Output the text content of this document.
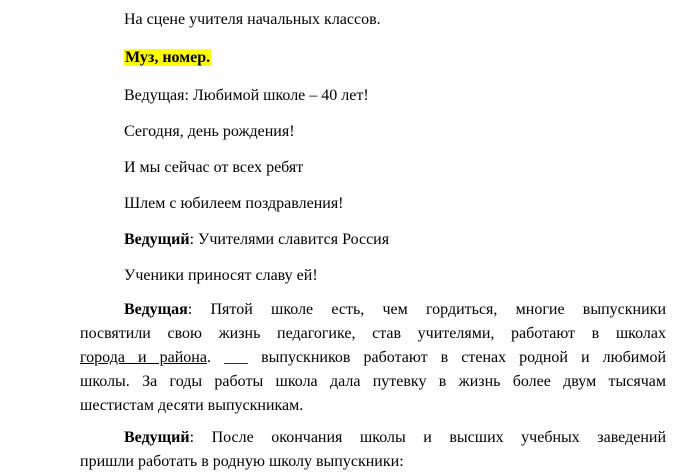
На сцене учителя начальных классов.
Муз, номер.
Ведущая: Любимой школе – 40 лет!
Сегодня, день рождения!
И мы сейчас от всех ребят
Шлем с юбилеем поздравления!
Ведущий: Учителями славится Россия
Ученики приносят славу ей!
Ведущая: Пятой школе есть, чем гордиться, многие выпускники
посвятили свою жизнь педагогике, став учителями, работают в школах
города и района. ___ выпускников работают в стенах родной и любимой
школы. За годы работы школа дала путевку в жизнь более двум тысячам
шестистам десяти выпускникам.
Ведущий: После окончания школы и высших учебных заведений
пришли работать в родную школу выпускники:
